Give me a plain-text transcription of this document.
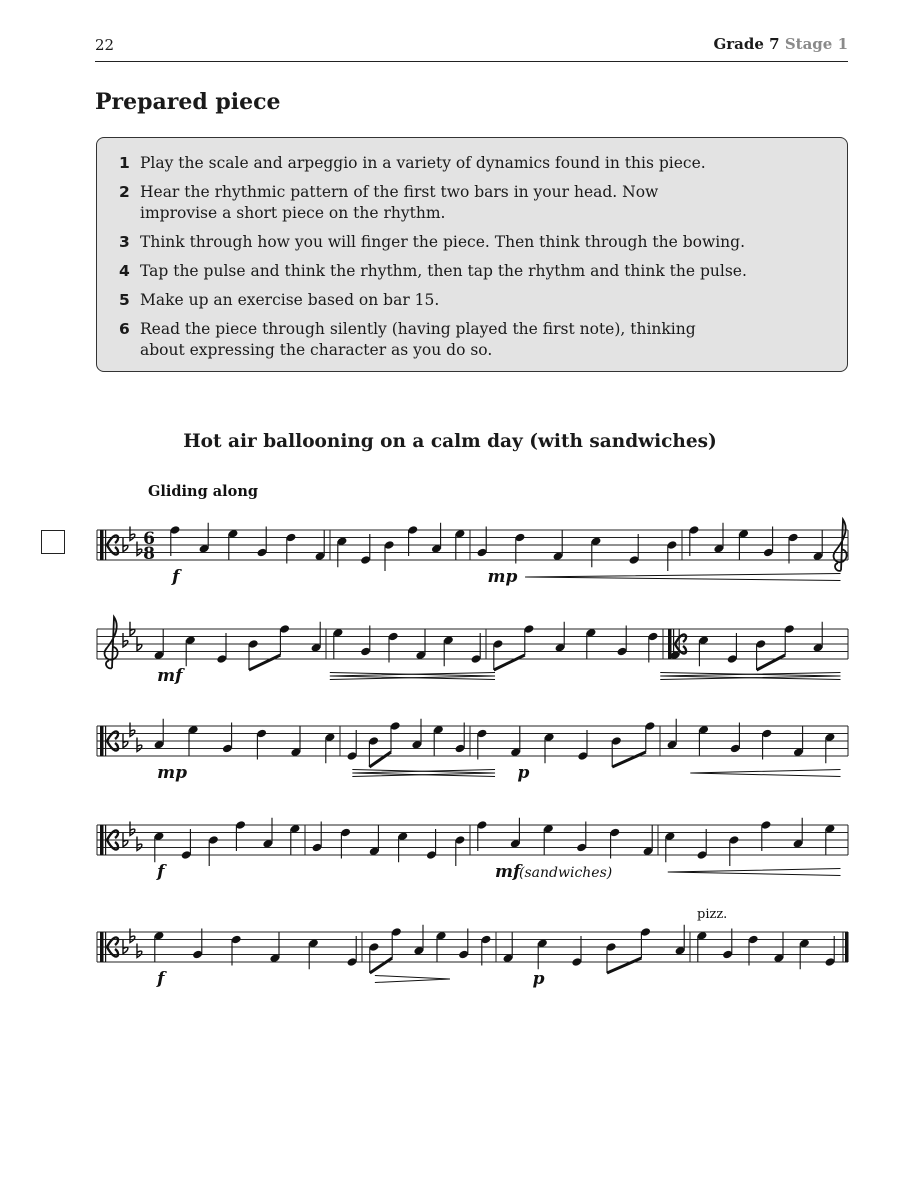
22	Grade 7 Stage 1
Prepared piece
1 Play the scale and arpeggio in a variety of dynamics found in this piece.
2 Hear the rhythmic pattern of the first two bars in your head. Now improvise a short piece on the rhythm.
3 Think through how you will finger the piece. Then think through the bowing.
4 Tap the pulse and think the rhythm, then tap the rhythm and think the pulse.
5 Make up an exercise based on bar 15.
6 Read the piece through silently (having played the first note), thinking about expressing the character as you do so.
Hot air ballooning on a calm day (with sandwiches)
Gliding along
6
8
f	mp
mf
mp	p
f	mf
(sandwiches)
f	p
pizz.
